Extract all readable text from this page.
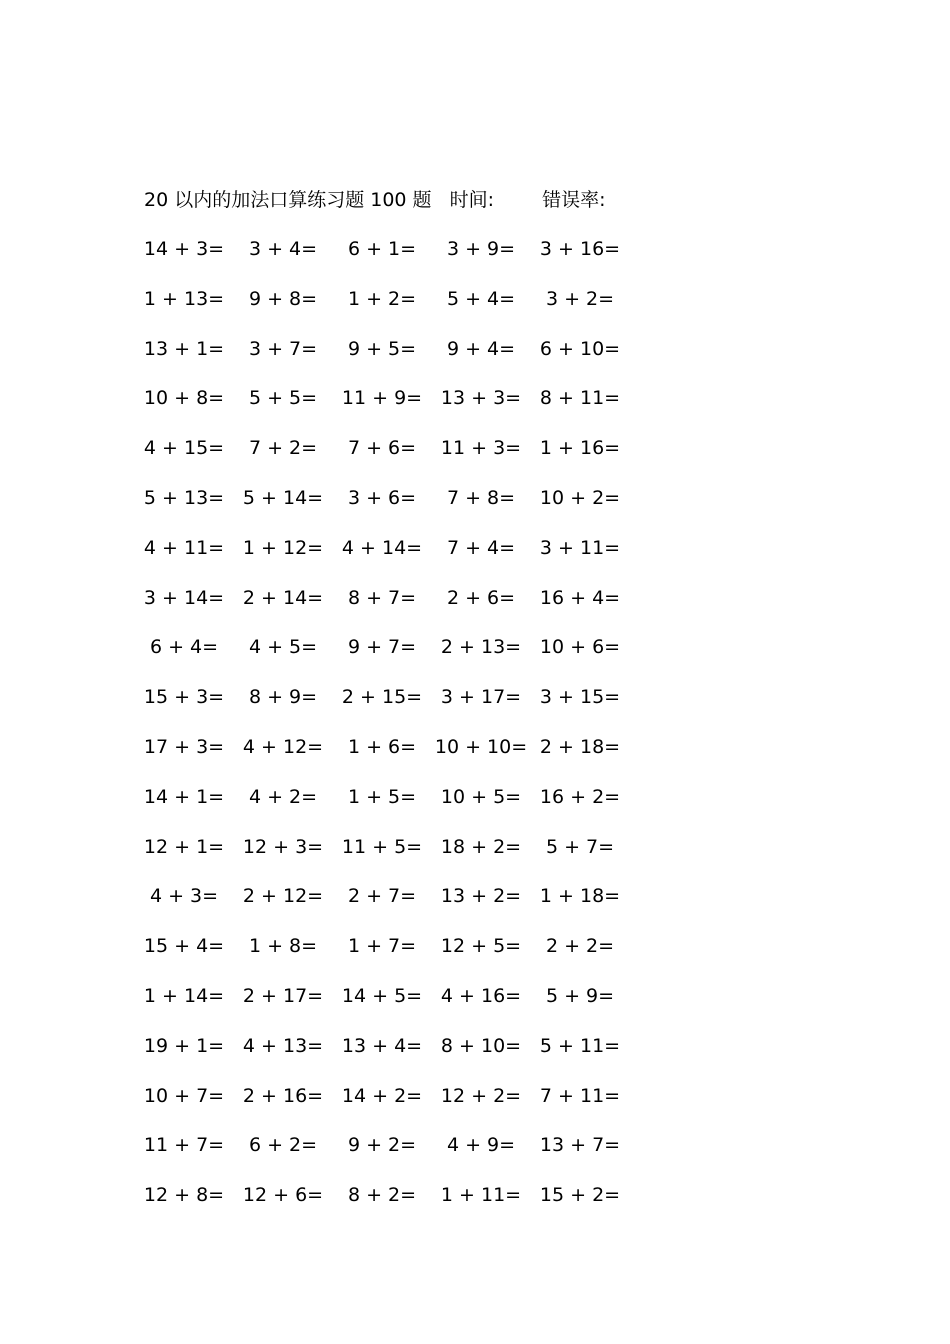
20 以内的加法口算练习题 100 题 时间:	错误率:
14 + 3= 3 + 4= 6 + 1= 3 + 9= 3 + 16=
1 + 13= 9 + 8= 1 + 2= 5 + 4= 3 + 2=
13 + 1= 3 + 7= 9 + 5= 9 + 4= 6 + 10=
10 + 8= 5 + 5= 11 + 9= 13 + 3= 8 + 11=
4 + 15= 7 + 2= 7 + 6= 11 + 3= 1 + 16=
5 + 13= 5 + 14= 3 + 6= 7 + 8= 10 + 2=
4 + 11= 1 + 12= 4 + 14= 7 + 4= 3 + 11=
3 + 14= 2 + 14= 8 + 7= 2 + 6= 16 + 4=
6 + 4= 4 + 5= 9 + 7= 2 + 13= 10 + 6=
15 + 3= 8 + 9= 2 + 15= 3 + 17= 3 + 15=
17 + 3= 4 + 12= 1 + 6= 10 + 10= 2 + 18=
14 + 1= 4 + 2= 1 + 5= 10 + 5= 16 + 2=
12 + 1= 12 + 3= 11 + 5= 18 + 2= 5 + 7=
4 + 3= 2 + 12= 2 + 7= 13 + 2= 1 + 18=
15 + 4= 1 + 8= 1 + 7= 12 + 5= 2 + 2=
1 + 14= 2 + 17= 14 + 5= 4 + 16= 5 + 9=
19 + 1= 4 + 13= 13 + 4= 8 + 10= 5 + 11=
10 + 7= 2 + 16= 14 + 2= 12 + 2= 7 + 11=
11 + 7= 6 + 2= 9 + 2= 4 + 9= 13 + 7=
12 + 8= 12 + 6= 8 + 2= 1 + 11= 15 + 2=
